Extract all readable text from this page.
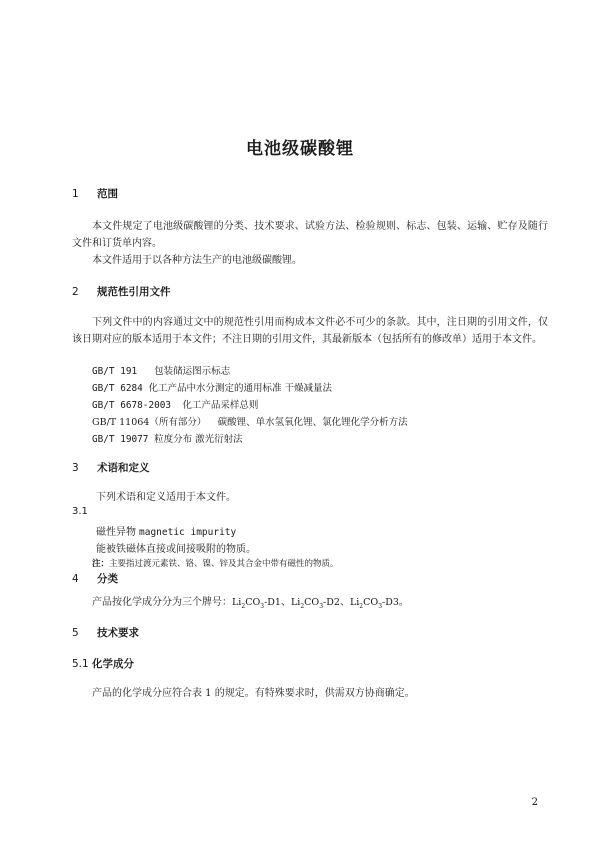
电池级碳酸锂
1 范围
本文件规定了电池级碳酸锂的分类、技术要求、试验方法、检验规则、标志、包装、运输、贮存及随行文件和订货单内容。
本文件适用于以各种方法生产的电池级碳酸锂。
2 规范性引用文件
下列文件中的内容通过文中的规范性引用而构成本文件必不可少的条款。其中，注日期的引用文件，仅该日期对应的版本适用于本文件；不注日期的引用文件，其最新版本（包括所有的修改单）适用于本文件。
GB/T 191 包装储运图示标志
GB/T 6284 化工产品中水分测定的通用标准 干燥减量法
GB/T 6678-2003 化工产品采样总则
GB/T 11064（所有部分） 碳酸锂、单水氢氧化锂、氯化锂化学分析方法
GB/T 19077 粒度分布 激光衍射法
3 术语和定义
下列术语和定义适用于本文件。
3.1
磁性异物 magnetic impurity
能被铁磁体直接或间接吸附的物质。
注：主要指过渡元素铁、铬、镍、锌及其合金中带有磁性的物质。
4 分类
产品按化学成分分为三个牌号：$Li_2CO_3-D1$、$Li_2CO_3-D2$、$Li_2CO_3-D3$。
5 技术要求
5.1 化学成分
产品的化学成分应符合表 1 的规定。有特殊要求时，供需双方协商确定。
2
